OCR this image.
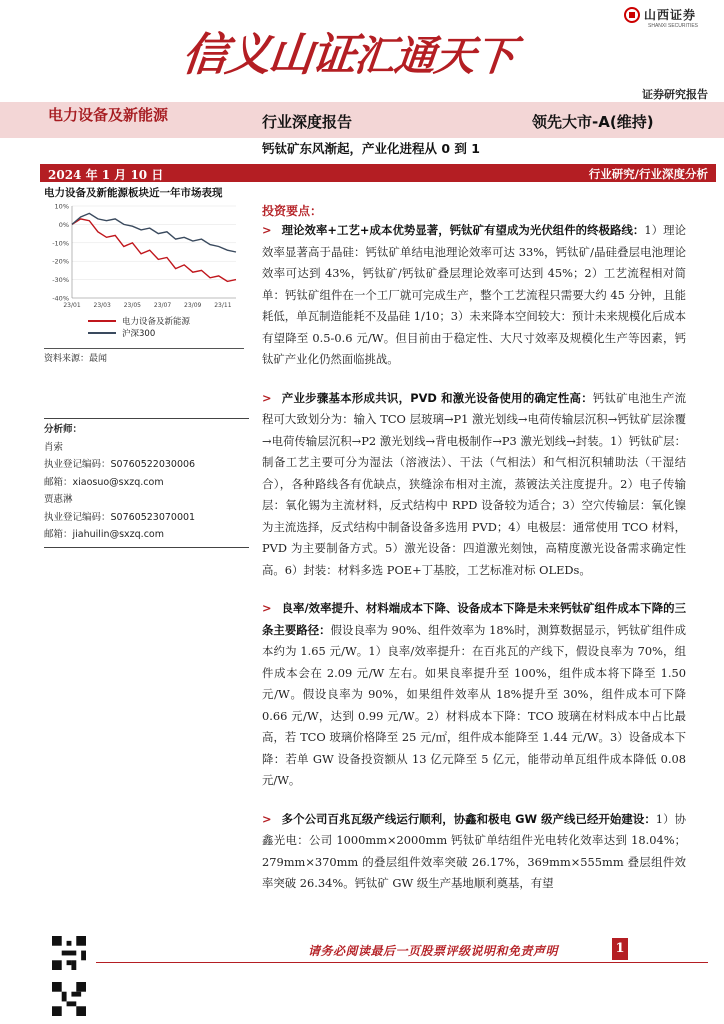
山西证券
SHANXI SECURITIES
信义山证汇通天下
证券研究报告
电力设备及新能源	行业深度报告	领先大市-A(维持)
钙钛矿东风渐起，产业化进程从 0 到 1
2024 年 1 月 10 日	行业研究/行业深度分析
电力设备及新能源板块近一年市场表现
10%
0%
-10%
-20%
-30%
-40%
23/01 23/03 23/05 23/07 23/09 23/11
电力设备及新能源
沪深300
资料来源：最闻
分析师：
肖索
执业登记编码：S0760522030006
邮箱：xiaosuo@sxzq.com
贾惠淋
执业登记编码：S0760523070001
邮箱：jiahuilin@sxzq.com
投资要点：
> 理论效率+工艺+成本优势显著，钙钛矿有望成为光伏组件的终极路线：1）理论效率显著高于晶硅：钙钛矿单结电池理论效率可达 33%，钙钛矿/晶硅叠层电池理论效率可达到 43%，钙钛矿/钙钛矿叠层理论效率可达到 45%；2）工艺流程相对简单：钙钛矿组件在一个工厂就可完成生产，整个工艺流程只需要大约 45 分钟，且能耗低，单瓦制造能耗不及晶硅 1/10；3）未来降本空间较大：预计未来规模化后成本有望降至 0.5-0.6 元/W。但目前由于稳定性、大尺寸效率及规模化生产等因素，钙钛矿产业化仍然面临挑战。
> 产业步骤基本形成共识，PVD 和激光设备使用的确定性高：钙钛矿电池生产流程可大致划分为：输入 TCO 层玻璃→P1 激光划线→电荷传输层沉积→钙钛矿层涂覆→电荷传输层沉积→P2 激光划线→背电极制作→P3 激光划线→封装。1）钙钛矿层：制备工艺主要可分为湿法（溶液法）、干法（气相法）和气相沉积辅助法（干湿结合），各种路线各有优缺点，狭缝涂布相对主流，蒸镀法关注度提升。2）电子传输层：氧化锡为主流材料，反式结构中 RPD 设备较为适合；3）空穴传输层：氧化镍为主流选择，反式结构中制备设备多选用 PVD；4）电极层：通常使用 TCO 材料，PVD 为主要制备方式。5）激光设备：四道激光刻蚀，高精度激光设备需求确定性高。6）封装：材料多选 POE+丁基胶，工艺标准对标 OLEDs。
> 良率/效率提升、材料端成本下降、设备成本下降是未来钙钛矿组件成本下降的三条主要路径：假设良率为 90%、组件效率为 18%时，测算数据显示，钙钛矿组件成本约为 1.65 元/W。1）良率/效率提升：在百兆瓦的产线下，假设良率为 70%，组件成本会在 2.09 元/W 左右。如果良率提升至 100%，组件成本将下降至 1.50 元/W。假设良率为 90%，如果组件效率从 18%提升至 30%，组件成本可下降 0.66 元/W，达到 0.99 元/W。2）材料成本下降：TCO 玻璃在材料成本中占比最高，若 TCO 玻璃价格降至 25 元/㎡，组件成本能降至 1.44 元/W。3）设备成本下降：若单 GW 设备投资额从 13 亿元降至 5 亿元，能带动单瓦组件成本降低 0.08 元/W。
> 多个公司百兆瓦级产线运行顺利，协鑫和极电 GW 级产线已经开始建设：1）协鑫光电：公司 1000mm×2000mm 钙钛矿单结组件光电转化效率达到 18.04%；279mm×370mm 的叠层组件效率突破 26.17%，369mm×555mm 叠层组件效率突破 26.34%。钙钛矿 GW 级生产基地顺利奠基，有望
请务必阅读最后一页股票评级说明和免责声明	1
